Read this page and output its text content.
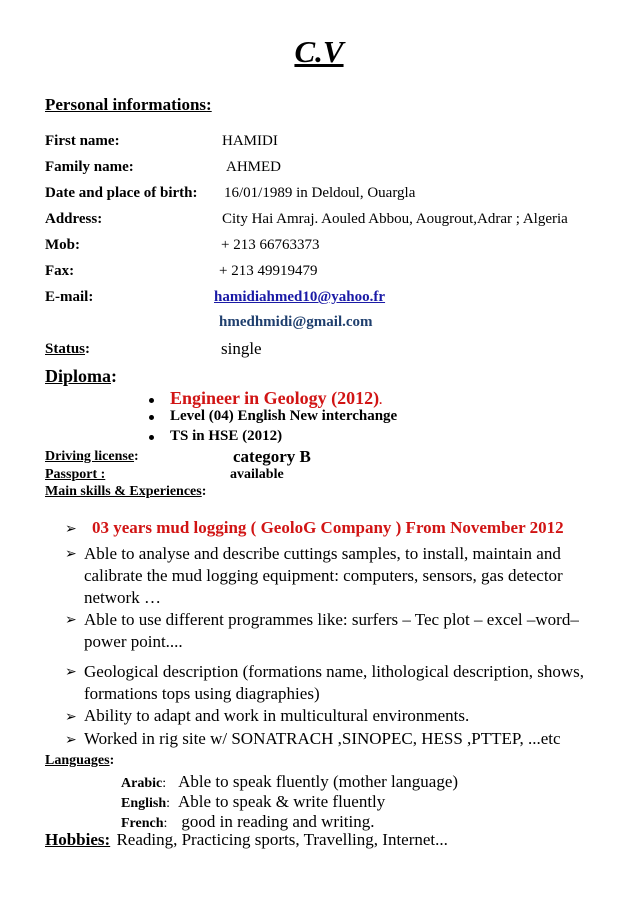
C.V
Personal informations:
First name:	HAMIDI
Family name:	AHMED
Date and place of birth: 16/01/1989 in Deldoul, Ouargla
Address:	City Hai Amraj. Aouled Abbou, Aougrout,Adrar ; Algeria
Mob:	+ 213 66763373
Fax:	+ 213 49919479
E-mail:	hamidiahmed10@yahoo.fr
hmedhmidi@gmail.com
Status:	single
Diploma:
Engineer in Geology (2012).
Level (04) English New interchange
TS in HSE (2012)
Driving license:	category B
Passport :	available
Main skills & Experiences:
➢ 03 years mud logging ( GeoloG Company ) From November 2012
➢ Able to analyse and describe cuttings samples, to install, maintain and calibrate the mud logging equipment: computers, sensors, gas detector network …
➢ Able to use different programmes like: surfers – Tec plot – excel –word– power point....
➢ Geological description (formations name, lithological description, shows, formations tops using diagraphies)
➢ Ability to adapt and work in multicultural environments.
➢ Worked in rig site w/ SONATRACH ,SINOPEC, HESS ,PTTEP, ...etc
Languages:
Arabic: Able to speak fluently (mother language)
English: Able to speak & write fluently
French: good in reading and writing.
Hobbies: Reading, Practicing sports, Travelling, Internet...
